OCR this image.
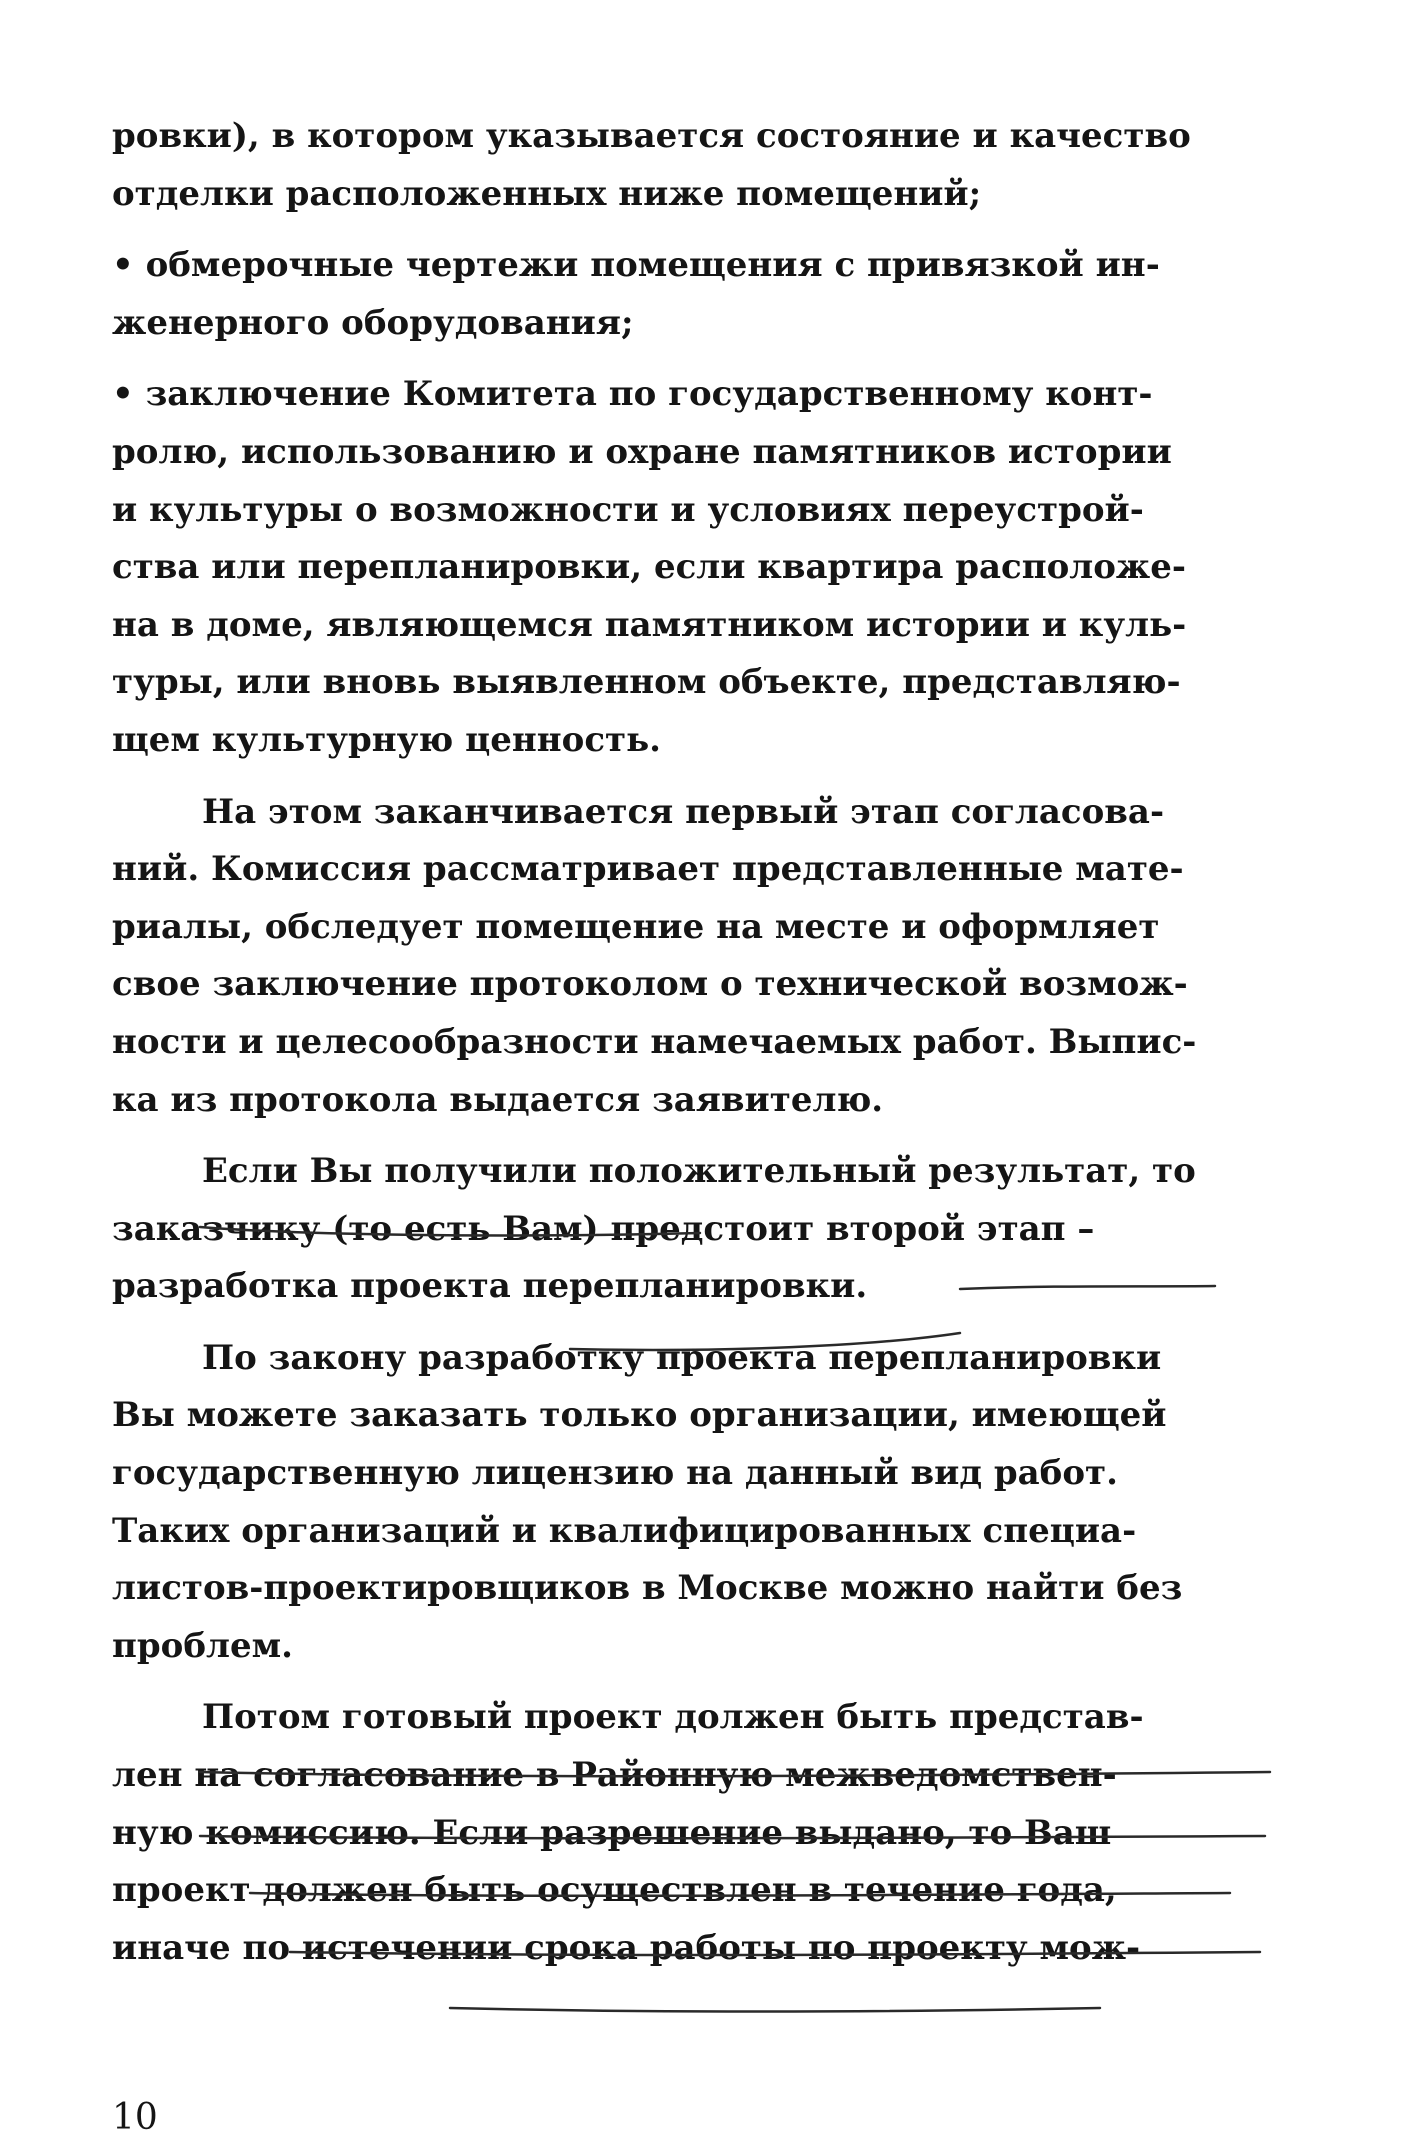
ровки), в котором указывается состояние и качество
отделки расположенных ниже помещений;
• обмерочные чертежи помещения с привязкой ин-
женерного оборудования;
• заключение Комитета по государственному конт-
ролю, использованию и охране памятников истории
и культуры о возможности и условиях переустрой-
ства или перепланировки, если квартира расположе-
на в доме, являющемся памятником истории и куль-
туры, или вновь выявленном объекте, представляю-
щем культурную ценность.
На этом заканчивается первый этап согласова-
ний. Комиссия рассматривает представленные мате-
риалы, обследует помещение на месте и оформляет
свое заключение протоколом о технической возмож-
ности и целесообразности намечаемых работ. Выпис-
ка из протокола выдается заявителю.
Если Вы получили положительный результат, то
заказчику (то есть Вам) предстоит второй этап –
разработка проекта перепланировки.
По закону разработку проекта перепланировки
Вы можете заказать только организации, имеющей
государственную лицензию на данный вид работ.
Таких организаций и квалифицированных специа-
листов-проектировщиков в Москве можно найти без
проблем.
Потом готовый проект должен быть представ-
лен на согласование в Районную межведомствен-
ную комиссию. Если разрешение выдано, то Ваш
проект должен быть осуществлен в течение года,
иначе по истечении срока работы по проекту мож-
10
